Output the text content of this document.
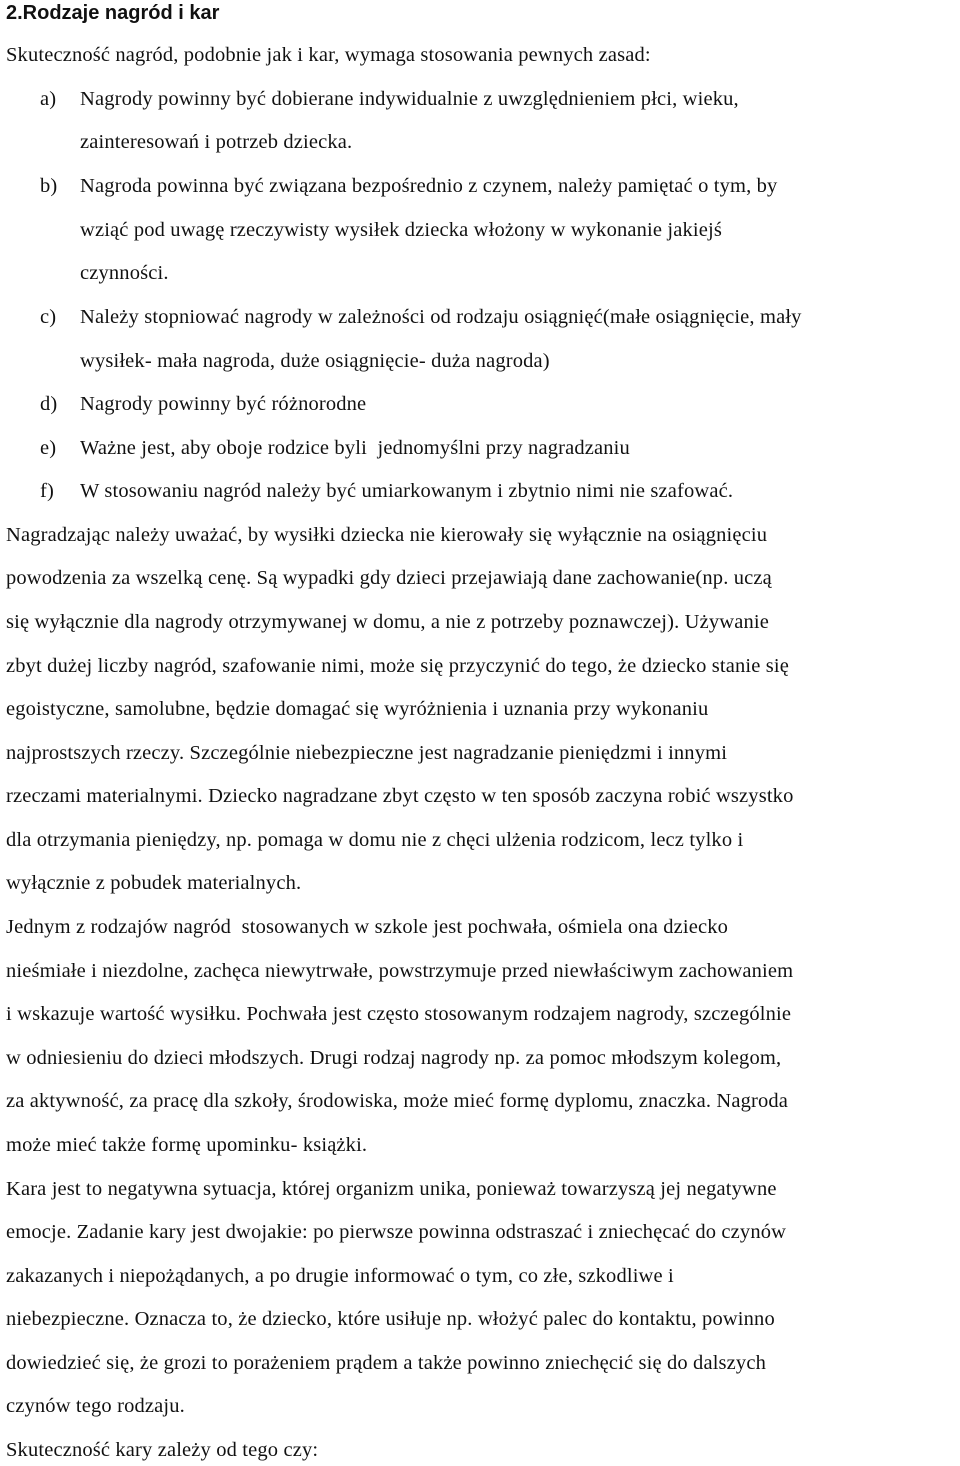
2.Rodzaje nagród i kar
Skuteczność nagród, podobnie jak i kar, wymaga stosowania pewnych zasad:
a) Nagrody powinny być dobierane indywidualnie z uwzględnieniem płci, wieku,
zainteresowań i potrzeb dziecka.
b) Nagroda powinna być związana bezpośrednio z czynem, należy pamiętać o tym, by
wziąć pod uwagę rzeczywisty wysiłek dziecka włożony w wykonanie jakiejś
czynności.
c) Należy stopniować nagrody w zależności od rodzaju osiągnięć(małe osiągnięcie, mały
wysiłek- mała nagroda, duże osiągnięcie- duża nagroda)
d) Nagrody powinny być różnorodne
e) Ważne jest, aby oboje rodzice byli  jednomyślni przy nagradzaniu
f) W stosowaniu nagród należy być umiarkowanym i zbytnio nimi nie szafować.
Nagradzając należy uważać, by wysiłki dziecka nie kierowały się wyłącznie na osiągnięciu
powodzenia za wszelką cenę. Są wypadki gdy dzieci przejawiają dane zachowanie(np. uczą
się wyłącznie dla nagrody otrzymywanej w domu, a nie z potrzeby poznawczej). Używanie
zbyt dużej liczby nagród, szafowanie nimi, może się przyczynić do tego, że dziecko stanie się
egoistyczne, samolubne, będzie domagać się wyróżnienia i uznania przy wykonaniu
najprostszych rzeczy. Szczególnie niebezpieczne jest nagradzanie pieniędzmi i innymi
rzeczami materialnymi. Dziecko nagradzane zbyt często w ten sposób zaczyna robić wszystko
dla otrzymania pieniędzy, np. pomaga w domu nie z chęci ulżenia rodzicom, lecz tylko i
wyłącznie z pobudek materialnych.
Jednym z rodzajów nagród  stosowanych w szkole jest pochwała, ośmiela ona dziecko
nieśmiałe i niezdolne, zachęca niewytrwałe, powstrzymuje przed niewłaściwym zachowaniem
i wskazuje wartość wysiłku. Pochwała jest często stosowanym rodzajem nagrody, szczególnie
w odniesieniu do dzieci młodszych. Drugi rodzaj nagrody np. za pomoc młodszym kolegom,
za aktywność, za pracę dla szkoły, środowiska, może mieć formę dyplomu, znaczka. Nagroda
może mieć także formę upominku- książki.
Kara jest to negatywna sytuacja, której organizm unika, ponieważ towarzyszą jej negatywne
emocje. Zadanie kary jest dwojakie: po pierwsze powinna odstraszać i zniechęcać do czynów
zakazanych i niepożądanych, a po drugie informować o tym, co złe, szkodliwe i
niebezpieczne. Oznacza to, że dziecko, które usiłuje np. włożyć palec do kontaktu, powinno
dowiedzieć się, że grozi to porażeniem prądem a także powinno zniechęcić się do dalszych
czynów tego rodzaju.
Skuteczność kary zależy od tego czy:
